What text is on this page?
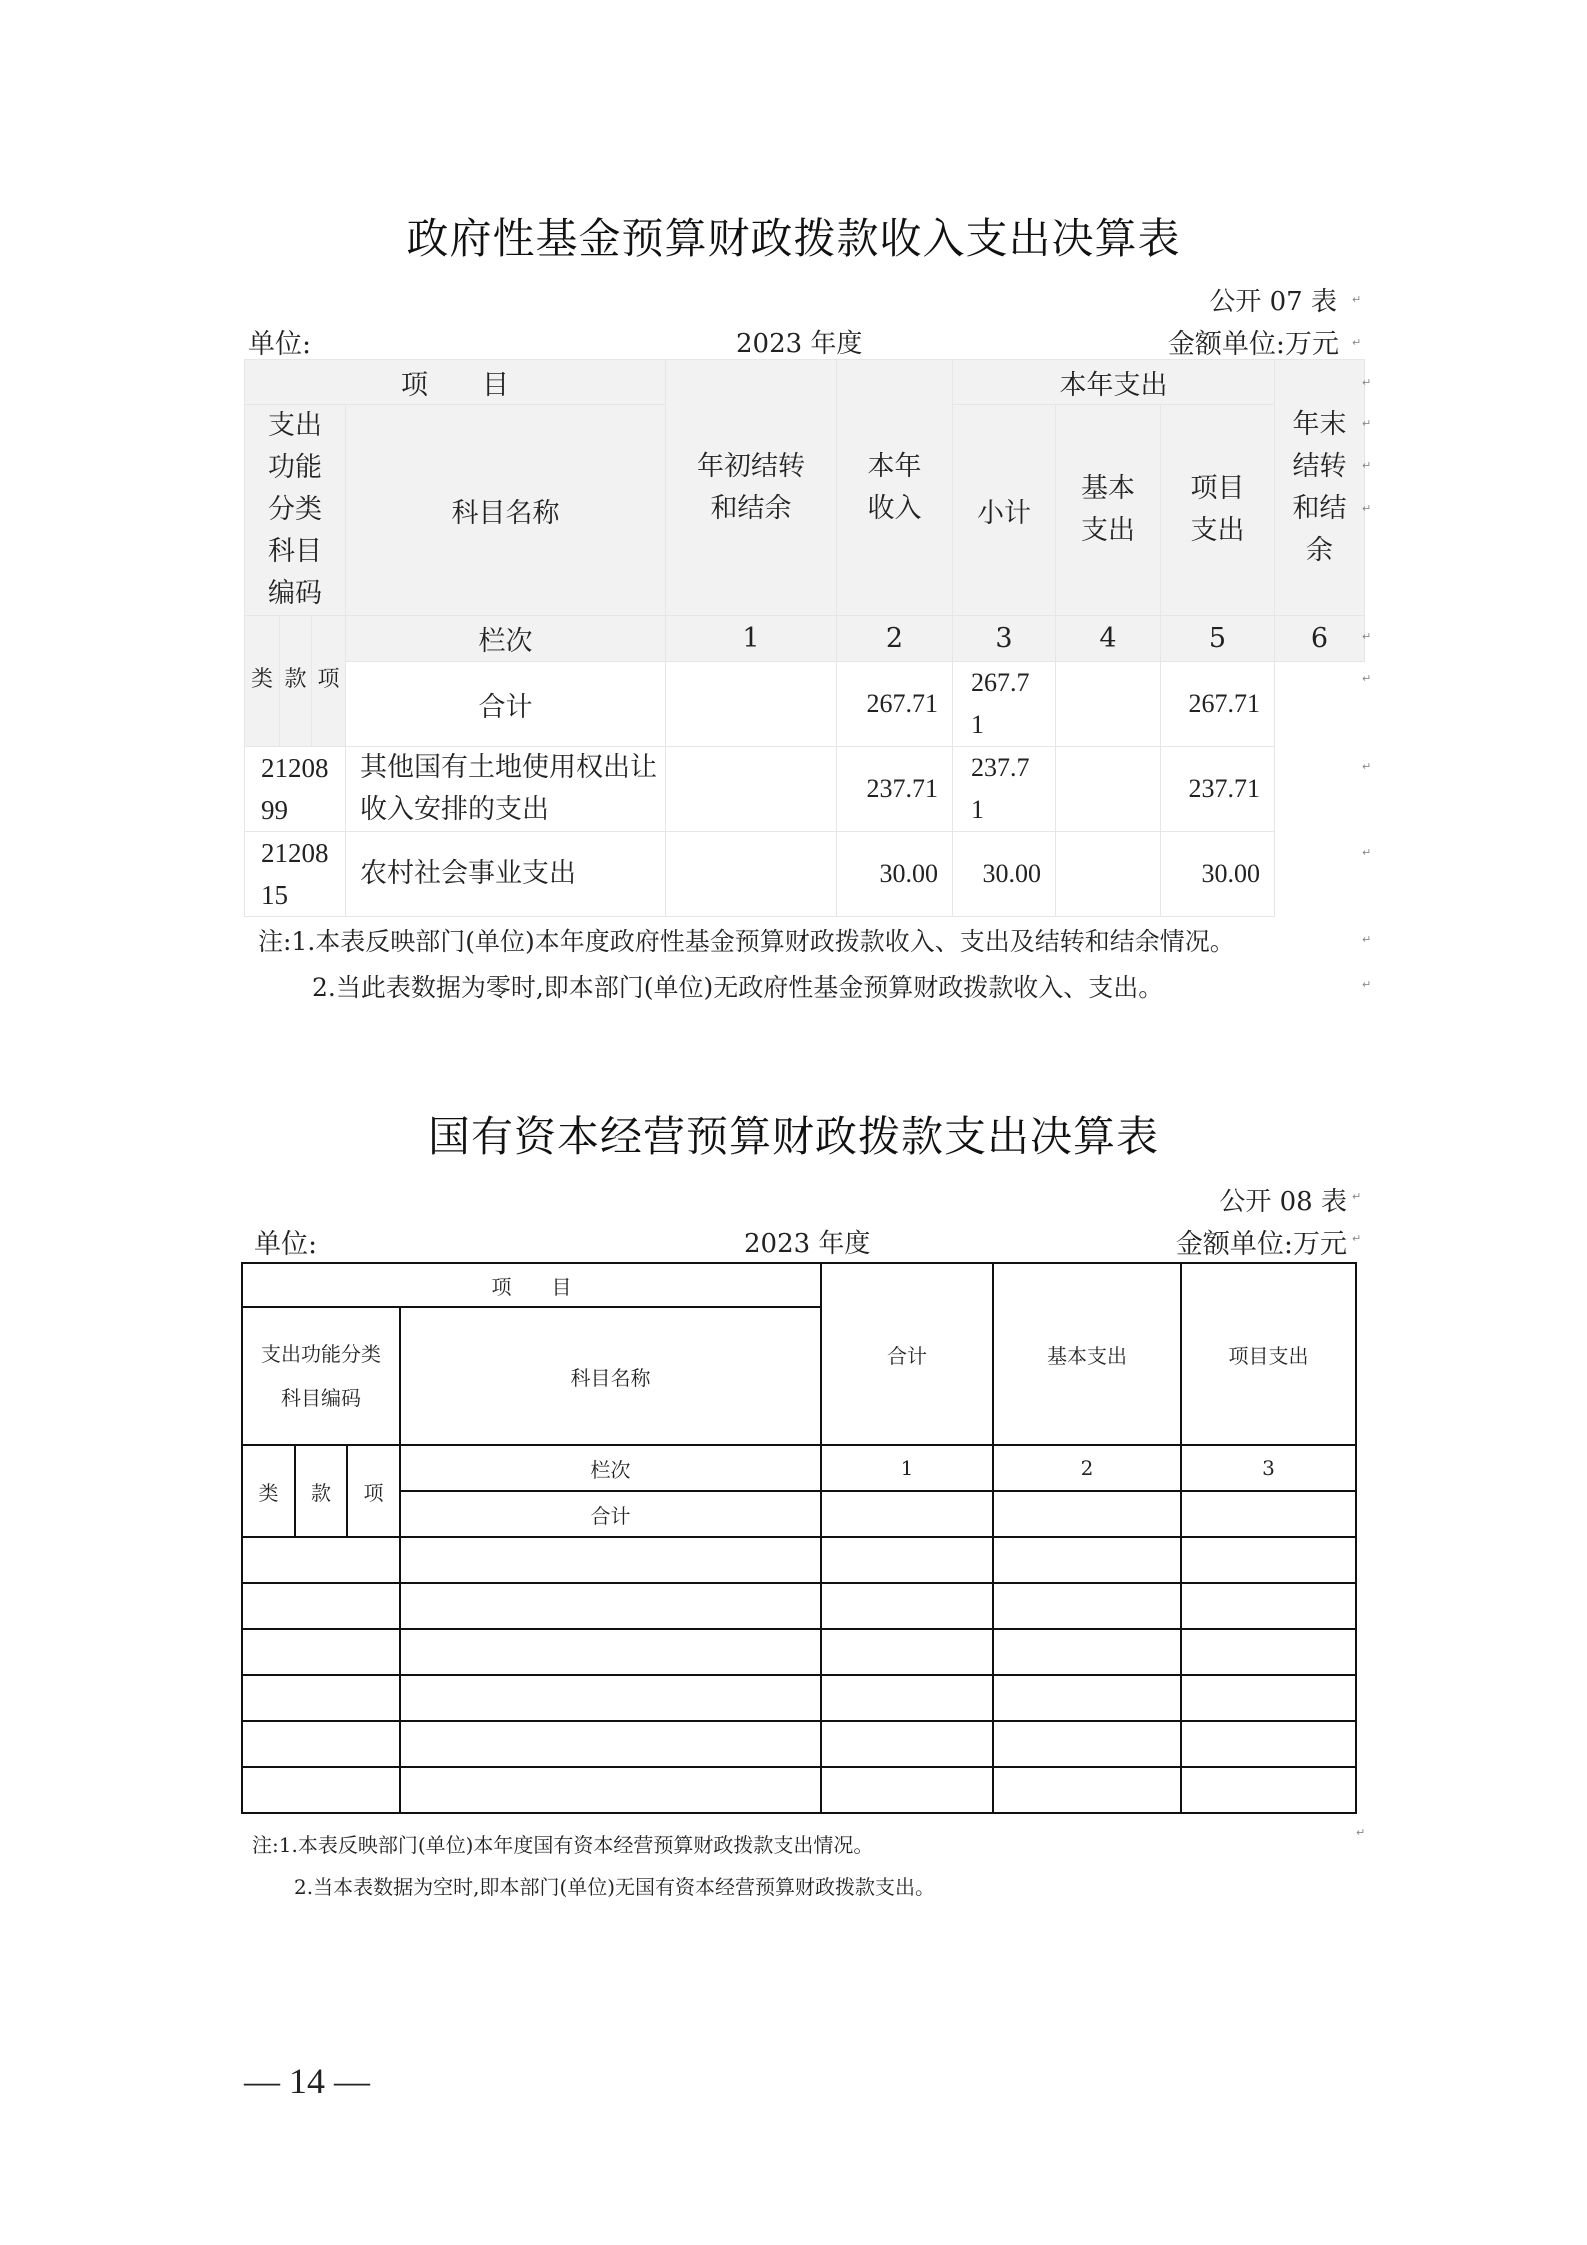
政府性基金预算财政拨款收入支出决算表
公开 07 表
单位:	2023 年度	金额单位:万元
项　　目				年初结转和结余	本年收入	本年支出			年末结转和结余
支出功能分类科目编码			科目名称			小计	基本支出	项目支出	
类	款	项	栏次	1	2	3	4	5	6
			合计		267.71	267.71		267.71	
2120899			其他国有土地使用权出让收入安排的支出		237.71	237.71		237.71	
2120815			农村社会事业支出		30.00	30.00		30.00	
注:1.本表反映部门(单位)本年度政府性基金预算财政拨款收入、支出及结转和结余情况。
2.当此表数据为零时,即本部门(单位)无政府性基金预算财政拨款收入、支出。
↵
↵
↵
↵
↵
↵
↵
↵
↵
↵
↵
↵
国有资本经营预算财政拨款支出决算表
公开 08 表
单位:	2023 年度	金额单位:万元
项　　目				合计	基本支出	项目支出

支出功能分类
科目编码			科目名称			
类	款	项	栏次	1	2	3
			合计			

注:1.本表反映部门(单位)本年度国有资本经营预算财政拨款支出情况。
2.当本表数据为空时,即本部门(单位)无国有资本经营预算财政拨款支出。
↵
↵
↵
— 14 —
